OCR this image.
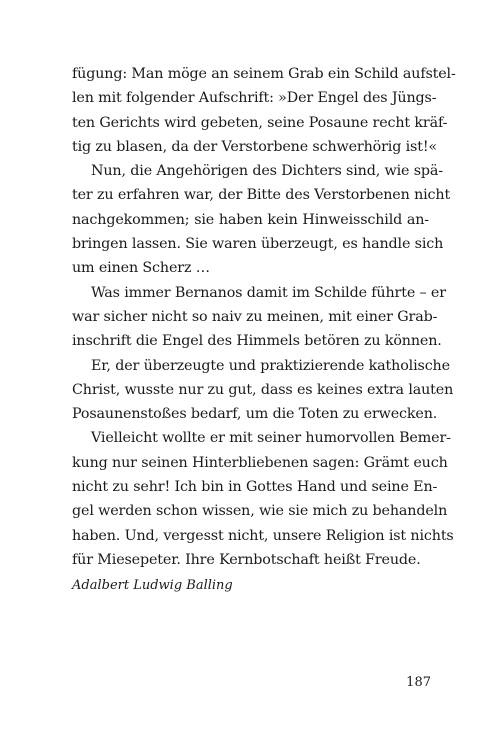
fügung: Man möge an seinem Grab ein Schild aufstel-
len mit folgender Aufschrift: »Der Engel des Jüngs-
ten Gerichts wird gebeten, seine Posaune recht kräf-
tig zu blasen, da der Verstorbene schwerhörig ist!«
Nun, die Angehörigen des Dichters sind, wie spä-
ter zu erfahren war, der Bitte des Verstorbenen nicht
nachgekommen; sie haben kein Hinweisschild an-
bringen lassen. Sie waren überzeugt, es handle sich
um einen Scherz …
Was immer Bernanos damit im Schilde führte – er
war sicher nicht so naiv zu meinen, mit einer Grab-
inschrift die Engel des Himmels betören zu können.
Er, der überzeugte und praktizierende katholische
Christ, wusste nur zu gut, dass es keines extra lauten
Posaunenstoßes bedarf, um die Toten zu erwecken.
Vielleicht wollte er mit seiner humorvollen Bemer-
kung nur seinen Hinterbliebenen sagen: Grämt euch
nicht zu sehr! Ich bin in Gottes Hand und seine En-
gel werden schon wissen, wie sie mich zu behandeln
haben. Und, vergesst nicht, unsere Religion ist nichts
für Miesepeter. Ihre Kernbotschaft heißt Freude.
Adalbert Ludwig Balling
187
